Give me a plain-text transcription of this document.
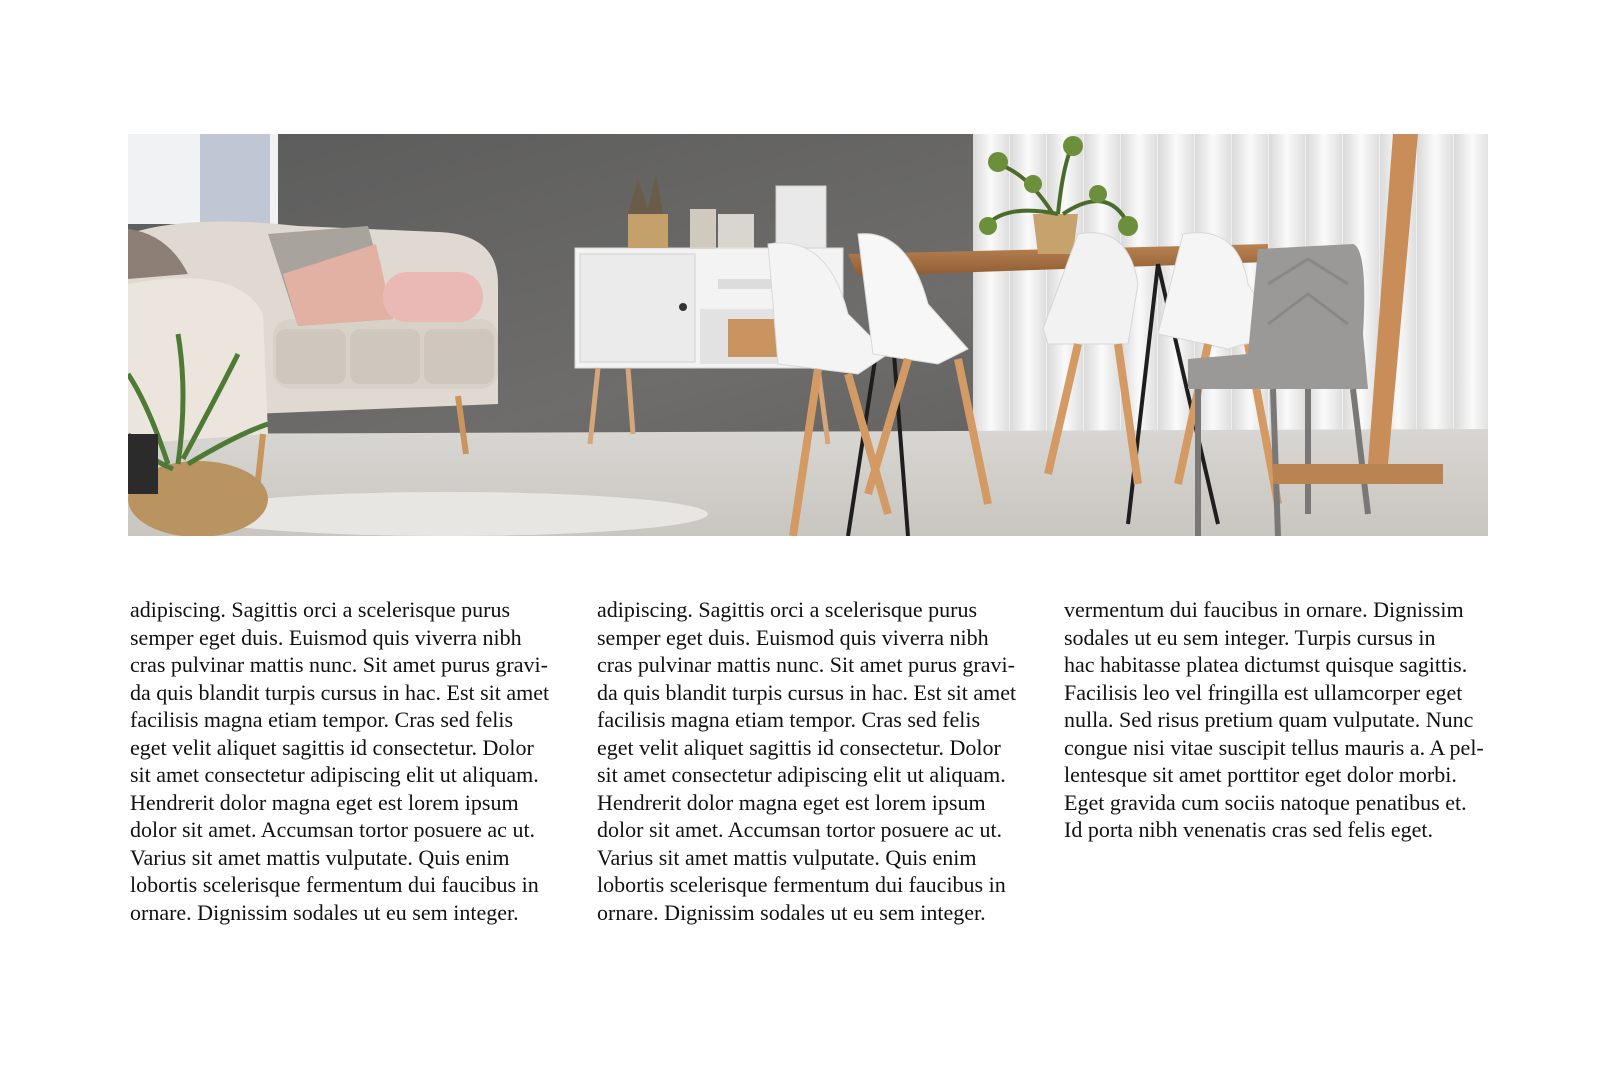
adipiscing. Sagittis orci a scelerisque purus
semper eget duis. Euismod quis viverra nibh
cras pulvinar mattis nunc. Sit amet purus gravi-
da quis blandit turpis cursus in hac. Est sit amet
facilisis magna etiam tempor. Cras sed felis
eget velit aliquet sagittis id consectetur. Dolor
sit amet consectetur adipiscing elit ut aliquam.
Hendrerit dolor magna eget est lorem ipsum
dolor sit amet. Accumsan tortor posuere ac ut.
Varius sit amet mattis vulputate. Quis enim
lobortis scelerisque fermentum dui faucibus in
ornare. Dignissim sodales ut eu sem integer.

adipiscing. Sagittis orci a scelerisque purus
semper eget duis. Euismod quis viverra nibh
cras pulvinar mattis nunc. Sit amet purus gravi-
da quis blandit turpis cursus in hac. Est sit amet
facilisis magna etiam tempor. Cras sed felis
eget velit aliquet sagittis id consectetur. Dolor
sit amet consectetur adipiscing elit ut aliquam.
Hendrerit dolor magna eget est lorem ipsum
dolor sit amet. Accumsan tortor posuere ac ut.
Varius sit amet mattis vulputate. Quis enim
lobortis scelerisque fermentum dui faucibus in
ornare. Dignissim sodales ut eu sem integer.

vermentum dui faucibus in ornare. Dignissim
sodales ut eu sem integer. Turpis cursus in
hac habitasse platea dictumst quisque sagittis.
Facilisis leo vel fringilla est ullamcorper eget
nulla. Sed risus pretium quam vulputate. Nunc
congue nisi vitae suscipit tellus mauris a. A pel-
lentesque sit amet porttitor eget dolor morbi.
Eget gravida cum sociis natoque penatibus et.
Id porta nibh venenatis cras sed felis eget.
